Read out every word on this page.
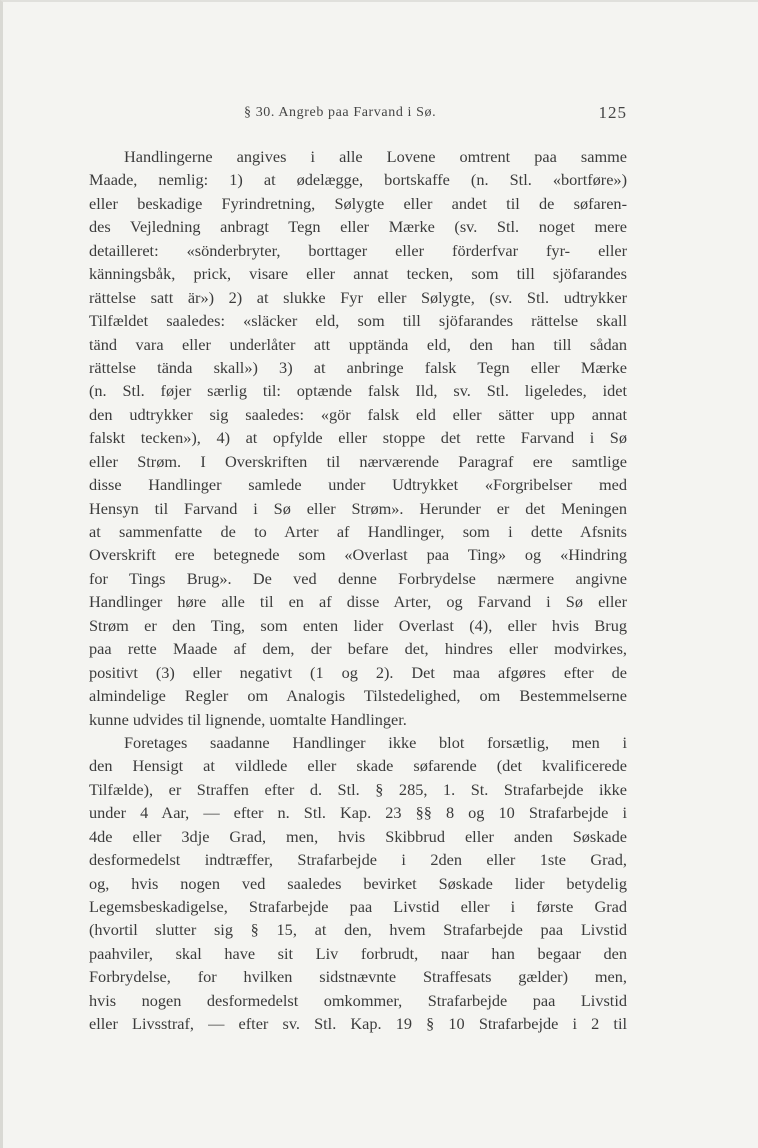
§ 30. Angreb paa Farvand i Sø.	125
Handlingerne angives i alle Lovene omtrent paa samme
Maade, nemlig: 1) at ødelægge, bortskaffe (n. Stl. «bortføre»)
eller beskadige Fyrindretning, Sølygte eller andet til de søfaren-
des Vejledning anbragt Tegn eller Mærke (sv. Stl. noget mere
detailleret: «sönderbryter, borttager eller förderfvar fyr- eller
känningsbåk, prick, visare eller annat tecken, som till sjöfarandes
rättelse satt är») 2) at slukke Fyr eller Sølygte, (sv. Stl. udtrykker
Tilfældet saaledes: «släcker eld, som till sjöfarandes rättelse skall
tänd vara eller underlåter att upptända eld, den han till sådan
rättelse tända skall») 3) at anbringe falsk Tegn eller Mærke
(n. Stl. føjer særlig til: optænde falsk Ild, sv. Stl. ligeledes, idet
den udtrykker sig saaledes: «gör falsk eld eller sätter upp annat
falskt tecken»), 4) at opfylde eller stoppe det rette Farvand i Sø
eller Strøm. I Overskriften til nærværende Paragraf ere samtlige
disse Handlinger samlede under Udtrykket «Forgribelser med
Hensyn til Farvand i Sø eller Strøm». Herunder er det Meningen
at sammenfatte de to Arter af Handlinger, som i dette Afsnits
Overskrift ere betegnede som «Overlast paa Ting» og «Hindring
for Tings Brug». De ved denne Forbrydelse nærmere angivne
Handlinger høre alle til en af disse Arter, og Farvand i Sø eller
Strøm er den Ting, som enten lider Overlast (4), eller hvis Brug
paa rette Maade af dem, der befare det, hindres eller modvirkes,
positivt (3) eller negativt (1 og 2). Det maa afgøres efter de
almindelige Regler om Analogis Tilstedelighed, om Bestemmelserne
kunne udvides til lignende, uomtalte Handlinger.
Foretages saadanne Handlinger ikke blot forsætlig, men i
den Hensigt at vildlede eller skade søfarende (det kvalificerede
Tilfælde), er Straffen efter d. Stl. § 285, 1. St. Strafarbejde ikke
under 4 Aar, — efter n. Stl. Kap. 23 §§ 8 og 10 Strafarbejde i
4de eller 3dje Grad, men, hvis Skibbrud eller anden Søskade
desformedelst indtræffer, Strafarbejde i 2den eller 1ste Grad,
og, hvis nogen ved saaledes bevirket Søskade lider betydelig
Legemsbeskadigelse, Strafarbejde paa Livstid eller i første Grad
(hvortil slutter sig § 15, at den, hvem Strafarbejde paa Livstid
paahviler, skal have sit Liv forbrudt, naar han begaar den
Forbrydelse, for hvilken sidstnævnte Straffesats gælder) men,
hvis nogen desformedelst omkommer, Strafarbejde paa Livstid
eller Livsstraf, — efter sv. Stl. Kap. 19 § 10 Strafarbejde i 2 til
